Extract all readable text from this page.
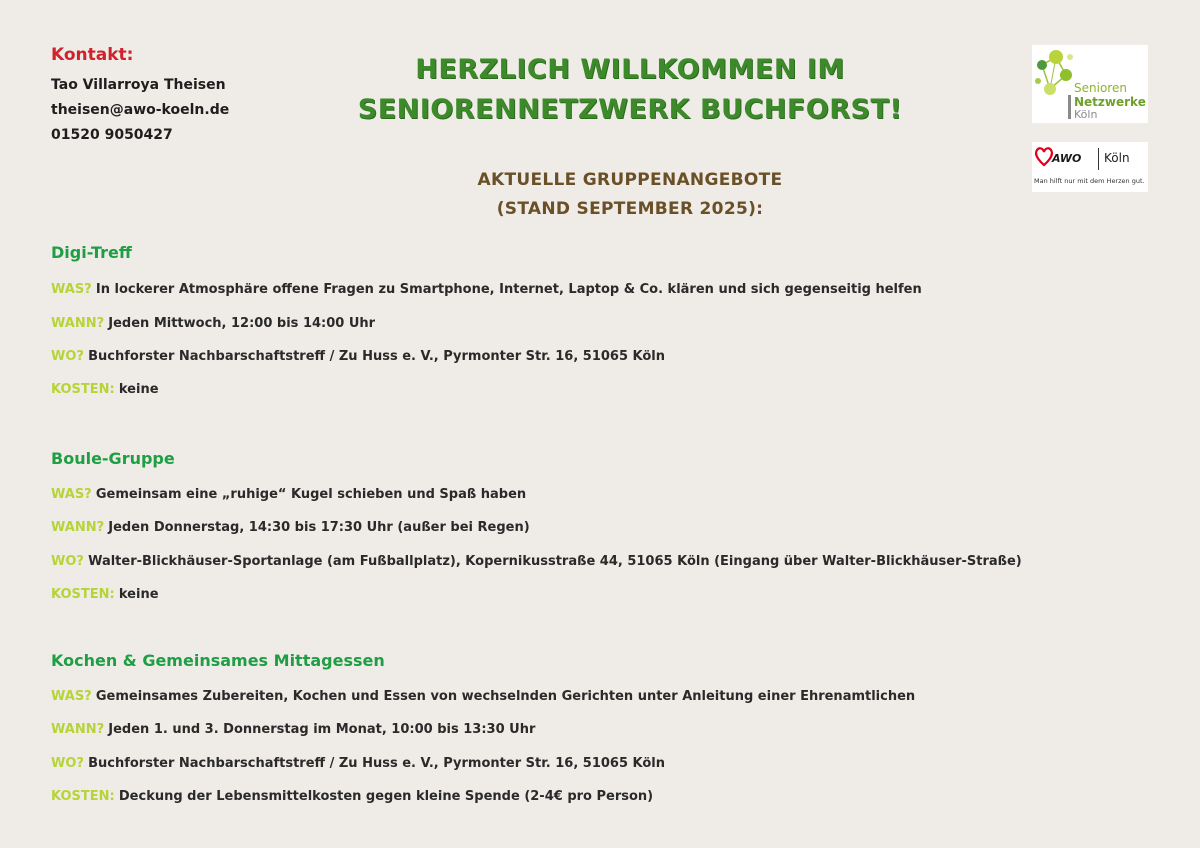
Kontakt:
Tao Villarroya Theisen
theisen@awo-koeln.de
01520 9050427
HERZLICH WILLKOMMEN IM
SENIORENNETZWERK BUCHFORST!
AKTUELLE GRUPPENANGEBOTE
(STAND SEPTEMBER 2025):
Senioren
Netzwerke
Köln
AWO Köln
Man hilft nur mit dem Herzen gut.
Digi-Treff
WAS? In lockerer Atmosphäre offene Fragen zu Smartphone, Internet, Laptop & Co. klären und sich gegenseitig helfen
WANN? Jeden Mittwoch, 12:00 bis 14:00 Uhr
WO? Buchforster Nachbarschaftstreff / Zu Huss e. V., Pyrmonter Str. 16, 51065 Köln
KOSTEN: keine
Boule-Gruppe
WAS? Gemeinsam eine „ruhige“ Kugel schieben und Spaß haben
WANN? Jeden Donnerstag, 14:30 bis 17:30 Uhr (außer bei Regen)
WO? Walter-Blickhäuser-Sportanlage (am Fußballplatz), Kopernikusstraße 44, 51065 Köln (Eingang über Walter-Blickhäuser-Straße)
KOSTEN: keine
Kochen & Gemeinsames Mittagessen
WAS? Gemeinsames Zubereiten, Kochen und Essen von wechselnden Gerichten unter Anleitung einer Ehrenamtlichen
WANN? Jeden 1. und 3. Donnerstag im Monat, 10:00 bis 13:30 Uhr
WO? Buchforster Nachbarschaftstreff / Zu Huss e. V., Pyrmonter Str. 16, 51065 Köln
KOSTEN: Deckung der Lebensmittelkosten gegen kleine Spende (2-4€ pro Person)
